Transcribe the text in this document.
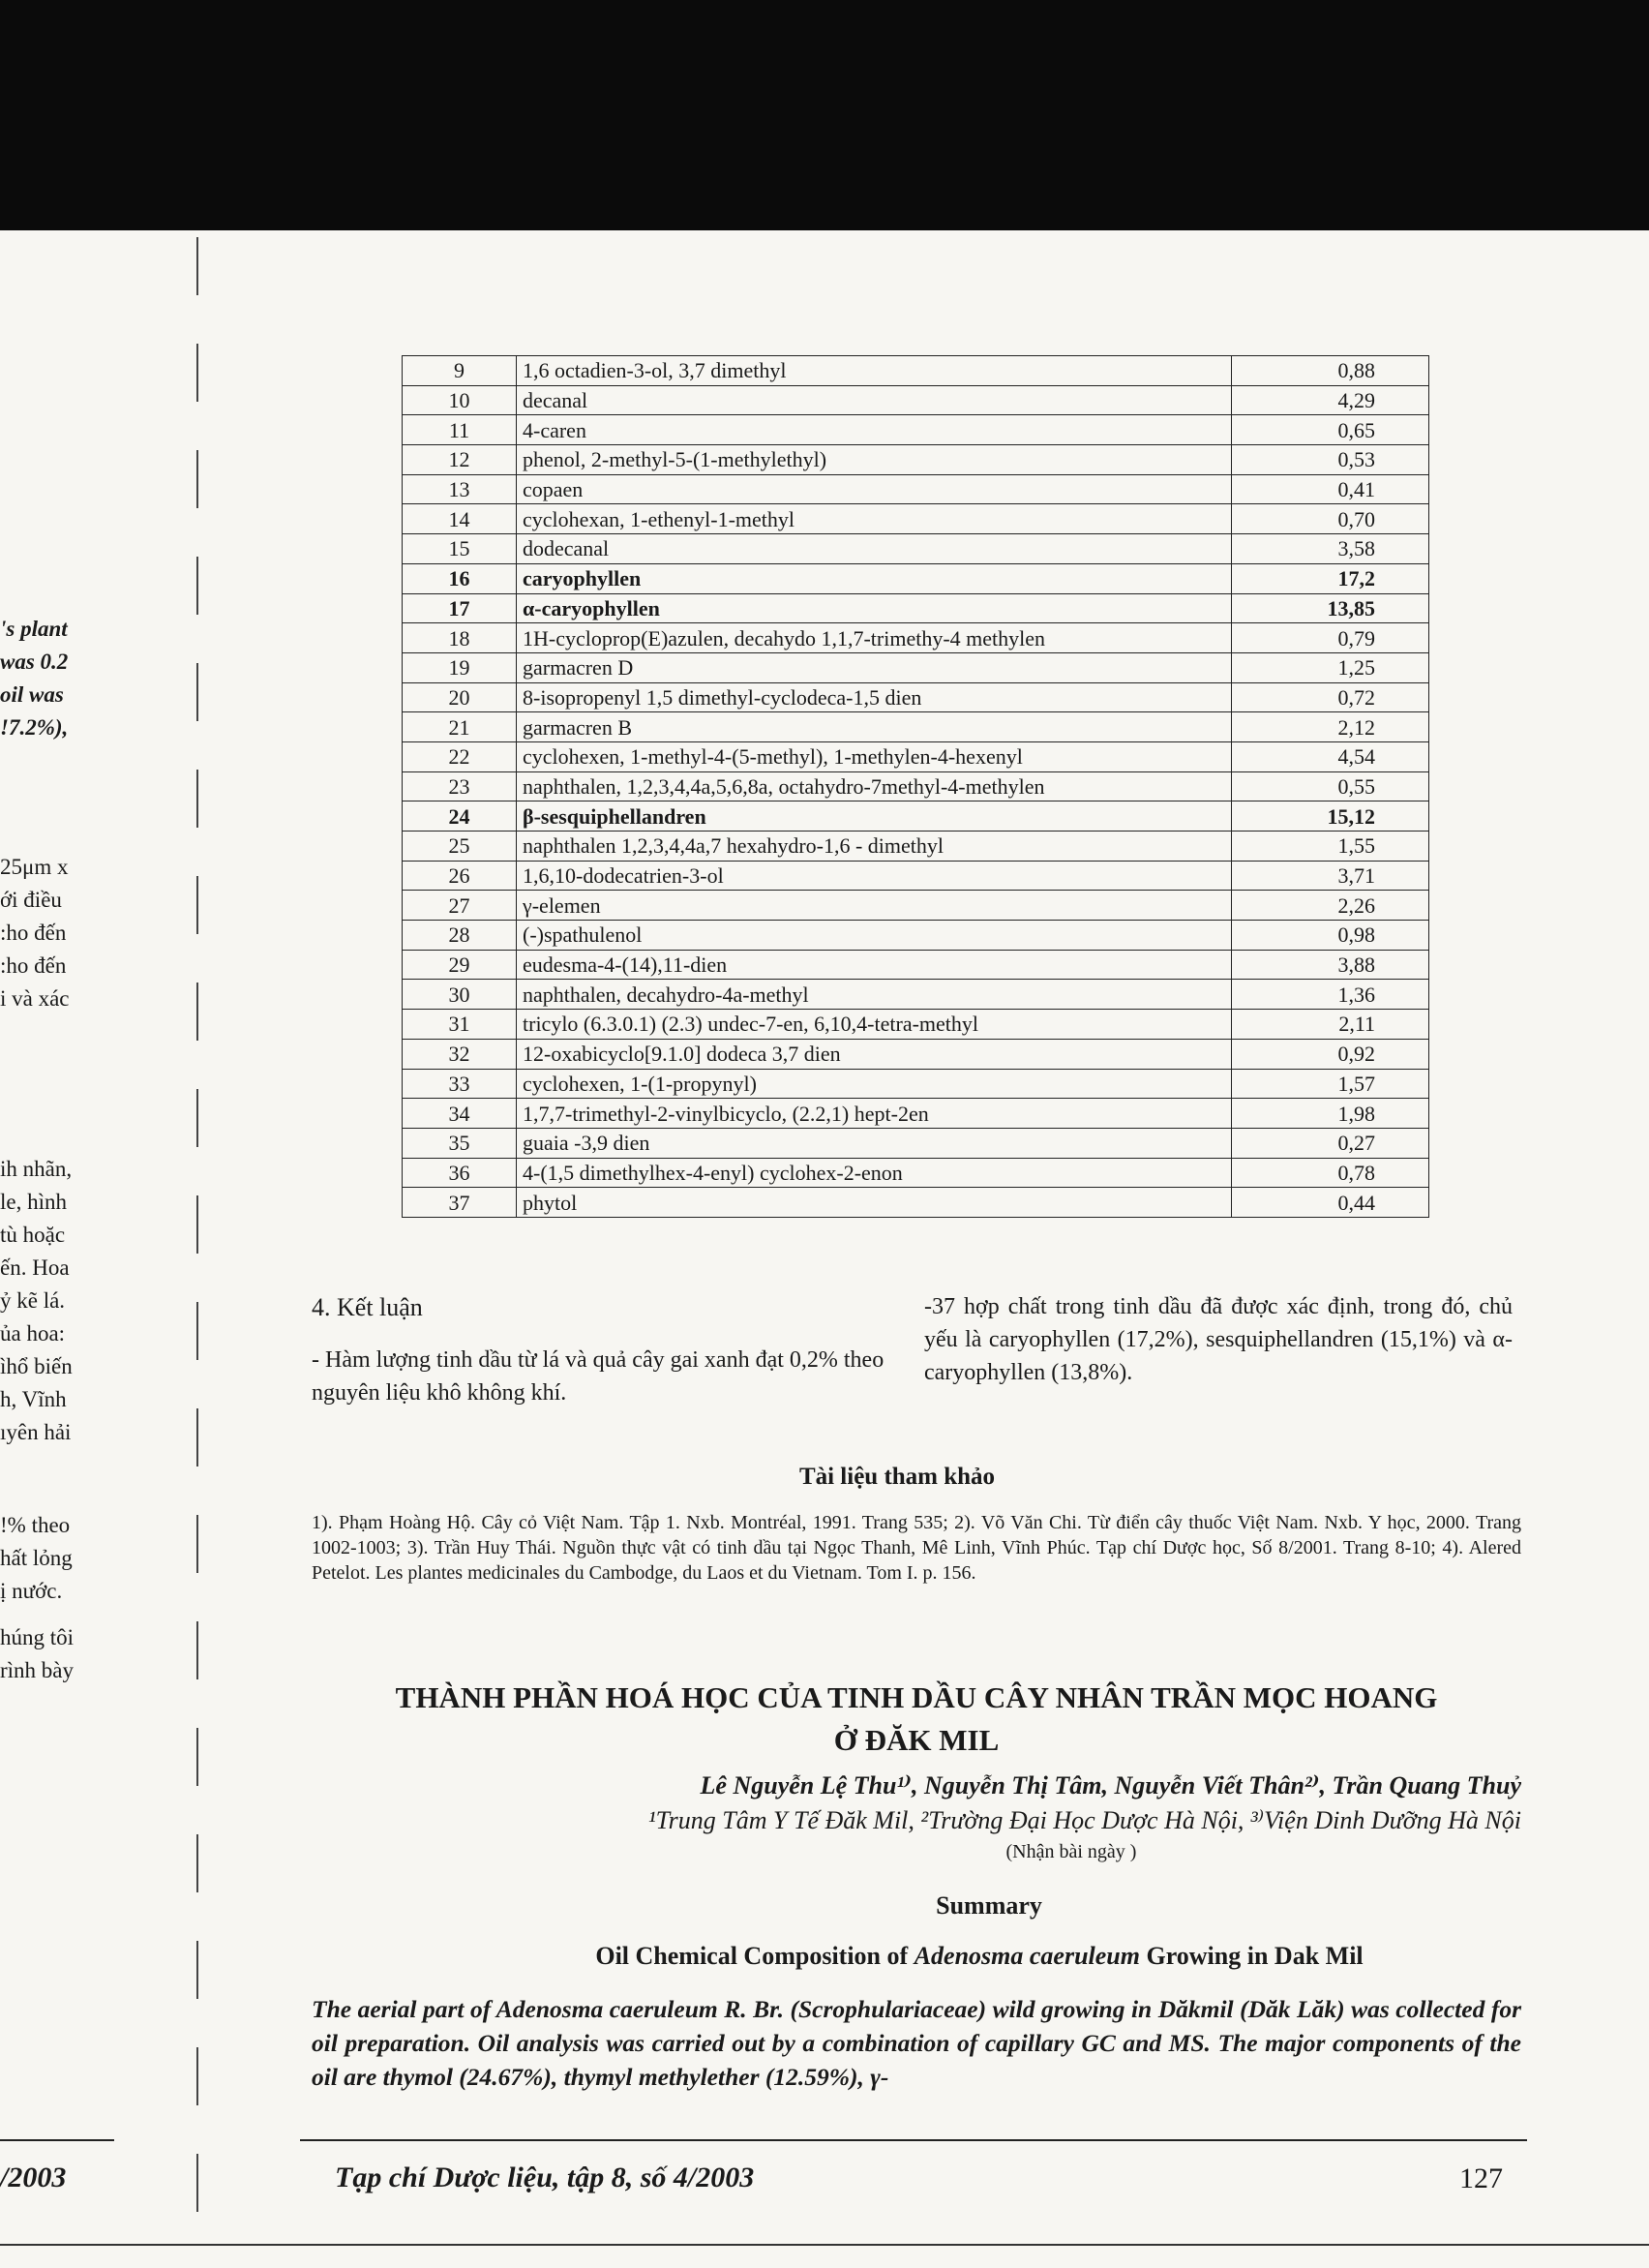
's plant
was 0.2
oil was
!7.2%),
25μm x
ới điều
:ho đến
:ho đến
i và xác
ih nhãn,
le, hình
tù hoặc
ến. Hoa
ỷ kẽ lá.
ủa hoa:
ìhổ biến
h, Vĩnh
ıyên hải
!% theo
hất lỏng
ị nước.
húng tôi
rình bày
9	1,6 octadien-3-ol, 3,7 dimethyl	0,88
10	decanal	4,29
11	4-caren	0,65
12	phenol, 2-methyl-5-(1-methylethyl)	0,53
13	copaen	0,41
14	cyclohexan, 1-ethenyl-1-methyl	0,70
15	dodecanal	3,58
16	caryophyllen	17,2
17	α-caryophyllen	13,85
18	1H-cycloprop(E)azulen, decahydo 1,1,7-trimethy-4 methylen	0,79
19	garmacren D	1,25
20	8-isopropenyl 1,5 dimethyl-cyclodeca-1,5 dien	0,72
21	garmacren B	2,12
22	cyclohexen, 1-methyl-4-(5-methyl), 1-methylen-4-hexenyl	4,54
23	naphthalen, 1,2,3,4,4a,5,6,8a, octahydro-7methyl-4-methylen	0,55
24	β-sesquiphellandren	15,12
25	naphthalen 1,2,3,4,4a,7 hexahydro-1,6 - dimethyl	1,55
26	1,6,10-dodecatrien-3-ol	3,71
27	γ-elemen	2,26
28	(-)spathulenol	0,98
29	eudesma-4-(14),11-dien	3,88
30	naphthalen, decahydro-4a-methyl	1,36
31	tricylo (6.3.0.1) (2.3) undec-7-en, 6,10,4-tetra-methyl	2,11
32	12-oxabicyclo[9.1.0] dodeca 3,7 dien	0,92
33	cyclohexen, 1-(1-propynyl)	1,57
34	1,7,7-trimethyl-2-vinylbicyclo, (2.2,1) hept-2en	1,98
35	guaia -3,9 dien	0,27
36	4-(1,5 dimethylhex-4-enyl) cyclohex-2-enon	0,78
37	phytol	0,44
4. Kết luận
- Hàm lượng tinh dầu từ lá và quả cây gai xanh đạt 0,2% theo nguyên liệu khô không khí.
-37 hợp chất trong tinh dầu đã được xác định, trong đó, chủ yếu là caryophyllen (17,2%), sesquiphellandren (15,1%) và α-caryophyllen (13,8%).
Tài liệu tham khảo
1). Phạm Hoàng Hộ. Cây cỏ Việt Nam. Tập 1. Nxb. Montréal, 1991. Trang 535; 2). Võ Văn Chi. Từ điển cây thuốc Việt Nam. Nxb. Y học, 2000. Trang 1002-1003; 3). Trần Huy Thái. Nguồn thực vật có tinh dầu tại Ngọc Thanh, Mê Linh, Vĩnh Phúc. Tạp chí Dược học, Số 8/2001. Trang 8-10; 4). Alered Petelot. Les plantes medicinales du Cambodge, du Laos et du Vietnam. Tom I. p. 156.
THÀNH PHẦN HOÁ HỌC CỦA TINH DẦU CÂY NHÂN TRẦN MỌC HOANG
Ở ĐĂK MIL
Lê Nguyễn Lệ Thu¹⁾, Nguyễn Thị Tâm, Nguyễn Viết Thân²⁾, Trần Quang Thuỷ
¹Trung Tâm Y Tế Đăk Mil, ²Trường Đại Học Dược Hà Nội, ³⁾Viện Dinh Dưỡng Hà Nội
(Nhận bài ngày )
Summary
Oil Chemical Composition of Adenosma caeruleum Growing in Dak Mil
The aerial part of Adenosma caeruleum R. Br. (Scrophulariaceae) wild growing in Dăkmil (Dăk Lăk) was collected for oil preparation. Oil analysis was carried out by a combination of capillary GC and MS. The major components of the oil are thymol (24.67%), thymyl methylether (12.59%), γ-
/2003	Tạp chí Dược liệu, tập 8, số 4/2003	127
